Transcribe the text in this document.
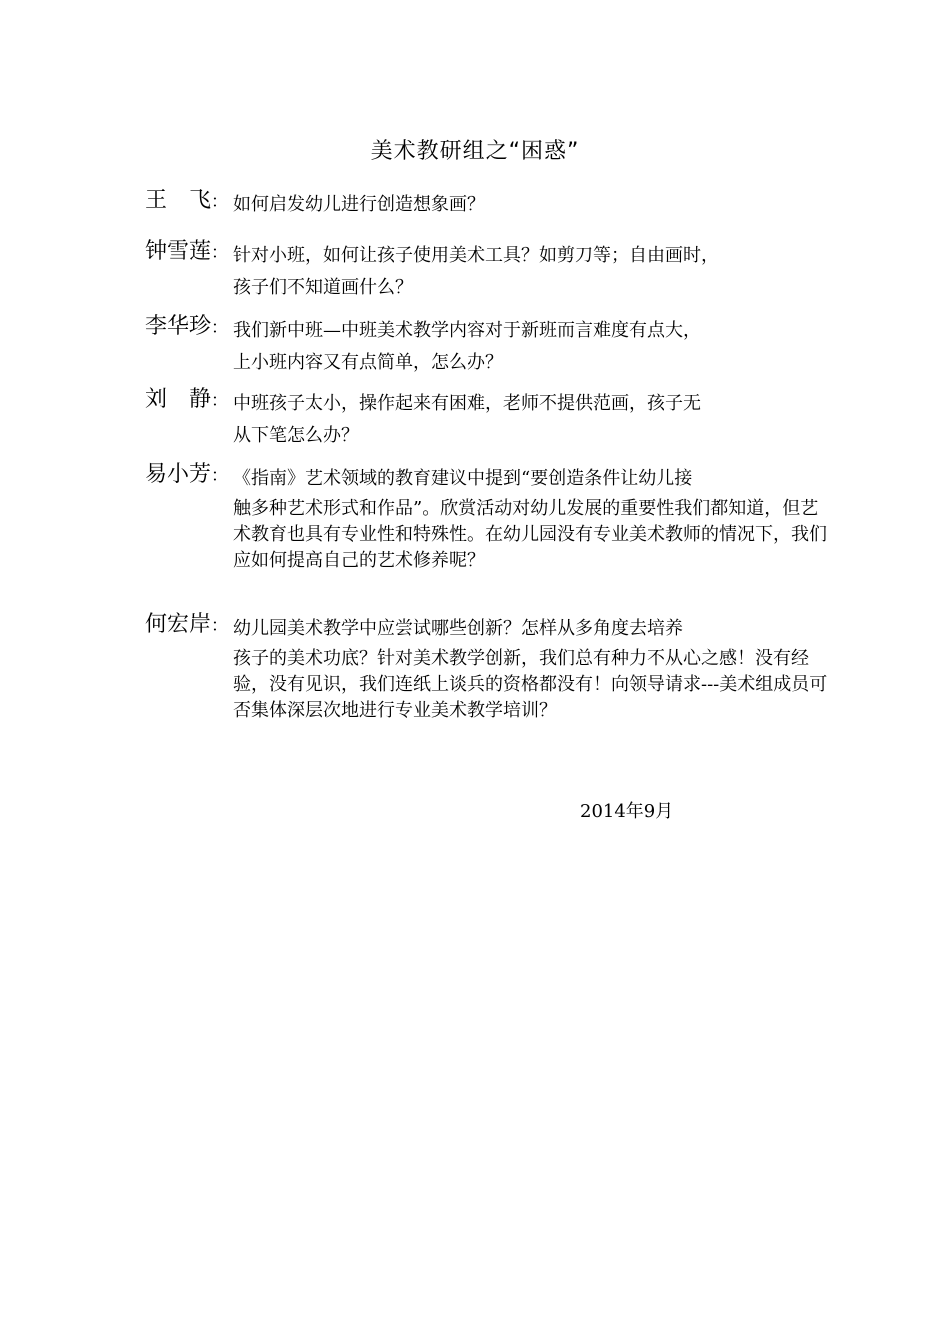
美术教研组之“困惑”
王　飞： 如何启发幼儿进行创造想象画？
钟雪莲： 针对小班，如何让孩子使用美术工具？如剪刀等；自由画时，
孩子们不知道画什么？
李华珍： 我们新中班—中班美术教学内容对于新班而言难度有点大，
上小班内容又有点简单，怎么办？
刘　静： 中班孩子太小，操作起来有困难，老师不提供范画，孩子无
从下笔怎么办？
易小芳： 《指南》艺术领域的教育建议中提到“要创造条件让幼儿接
触多种艺术形式和作品”。欣赏活动对幼儿发展的重要性我们都知道，但艺术教育也具有专业性和特殊性。在幼儿园没有专业美术教师的情况下，我们应如何提高自己的艺术修养呢？
何宏岸： 幼儿园美术教学中应尝试哪些创新？怎样从多角度去培养
孩子的美术功底？针对美术教学创新，我们总有种力不从心之感！没有经验，没有见识，我们连纸上谈兵的资格都没有！向领导请求---美术组成员可否集体深层次地进行专业美术教学培训？
2014年9月
